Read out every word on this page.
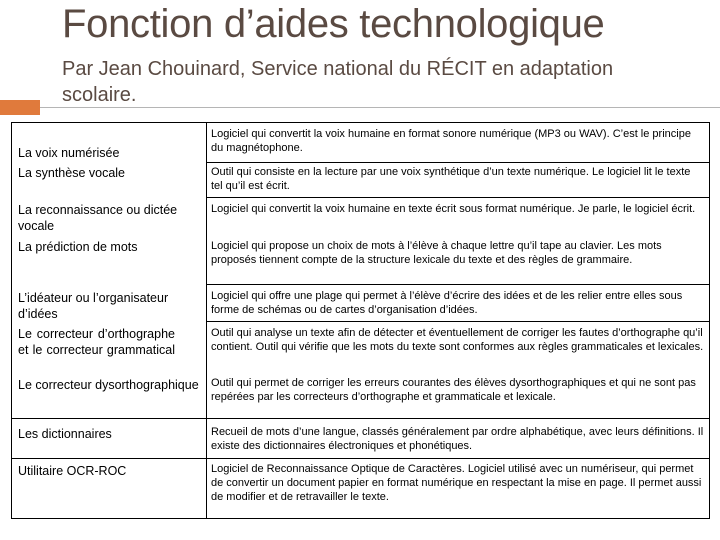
Fonction d’aides technologique
Par Jean Chouinard, Service national du RÉCIT en adaptation scolaire.
La voix numérisée
La synthèse vocale
La reconnaissance ou dictée vocale
La prédiction de mots
L’idéateur ou l’organisateur d’idées
Le correcteur d’orthographe et le correcteur grammatical
Le correcteur dysorthographique
Les dictionnaires
Utilitaire OCR-ROC
Logiciel qui convertit la voix humaine en format sonore numérique (MP3 ou WAV). C’est le principe du magnétophone.
Outil qui consiste en la lecture par une voix synthétique d’un texte numérique. Le logiciel lit le texte tel qu’il est écrit.
Logiciel qui convertit la voix humaine en texte écrit sous format numérique. Je parle, le logiciel écrit.
Logiciel qui propose un choix de mots à l’élève à chaque lettre qu’il tape au clavier. Les mots proposés tiennent compte de la structure lexicale du texte et des règles de grammaire.
Logiciel qui offre une plage qui permet à l’élève d’écrire des idées et de les relier entre elles sous forme de schémas ou de cartes d’organisation d’idées.
Outil qui analyse un texte afin de détecter et éventuellement de corriger les fautes d’orthographe qu’il contient. Outil qui vérifie que les mots du texte sont conformes aux règles grammaticales et lexicales.
Outil qui permet de corriger les erreurs courantes des élèves dysorthographiques et qui ne sont pas repérées par les correcteurs d’orthographe et grammaticale et lexicale.
Recueil de mots d’une langue, classés généralement par ordre alphabétique, avec leurs définitions. Il existe des dictionnaires électroniques et phonétiques.
Logiciel de Reconnaissance Optique de Caractères. Logiciel utilisé avec un numériseur, qui permet de convertir un document papier en format numérique en respectant la mise en page. Il permet aussi de modifier et de retravailler le texte.
